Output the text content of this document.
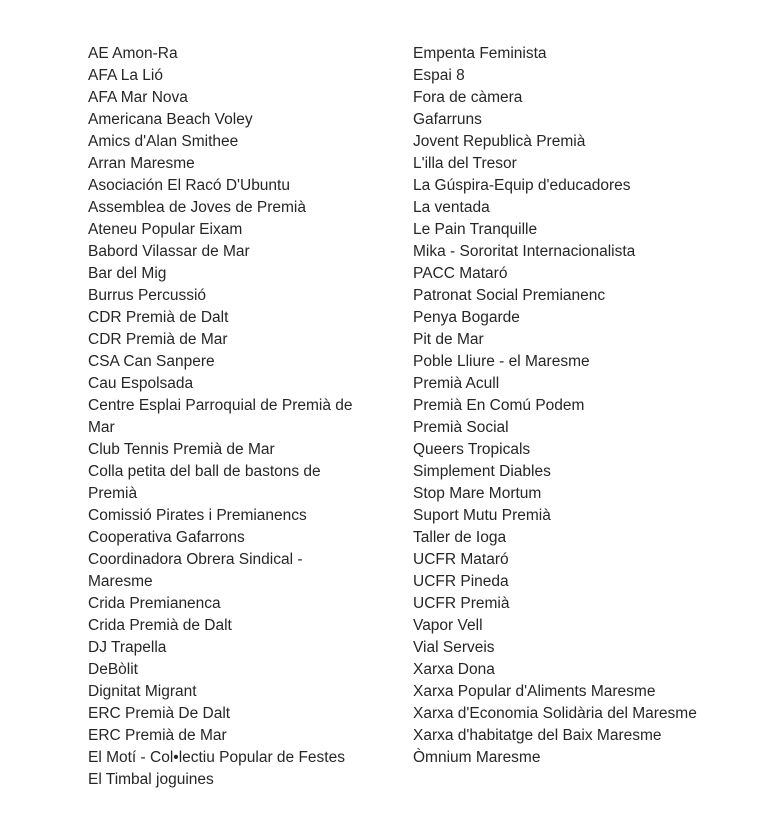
AE Amon-Ra
AFA La Lió
AFA Mar Nova
Americana Beach Voley
Amics d'Alan Smithee
Arran Maresme
Asociación El Racó D'Ubuntu
Assemblea de Joves de Premià
Ateneu Popular Eixam
Babord Vilassar de Mar
Bar del Mig
Burrus Percussió
CDR Premià de Dalt
CDR Premià de Mar
CSA Can Sanpere
Cau Espolsada
Centre Esplai Parroquial de Premià de Mar
Club Tennis Premià de Mar
Colla petita del ball de bastons de Premià
Comissió Pirates i Premianencs
Cooperativa Gafarrons
Coordinadora Obrera Sindical - Maresme
Crida Premianenca
Crida Premià de Dalt
DJ Trapella
DeBòlit
Dignitat Migrant
ERC Premià De Dalt
ERC Premià de Mar
El Motí - Col•lectiu Popular de Festes
El Timbal joguines
Empenta Feminista
Espai 8
Fora de càmera
Gafarruns
Jovent Republicà Premià
L'illa del Tresor
La Gúspira-Equip d'educadores
La ventada
Le Pain Tranquille
Mika - Sororitat Internacionalista
PACC Mataró
Patronat Social Premianenc
Penya Bogarde
Pit de Mar
Poble Lliure - el Maresme
Premià Acull
Premià En Comú Podem
Premià Social
Queers Tropicals
Simplement Diables
Stop Mare Mortum
Suport Mutu Premià
Taller de Ioga
UCFR Mataró
UCFR Pineda
UCFR Premià
Vapor Vell
Vial Serveis
Xarxa Dona
Xarxa Popular d'Aliments Maresme
Xarxa d'Economia Solidària del Maresme
Xarxa d'habitatge del Baix Maresme
Òmnium Maresme
